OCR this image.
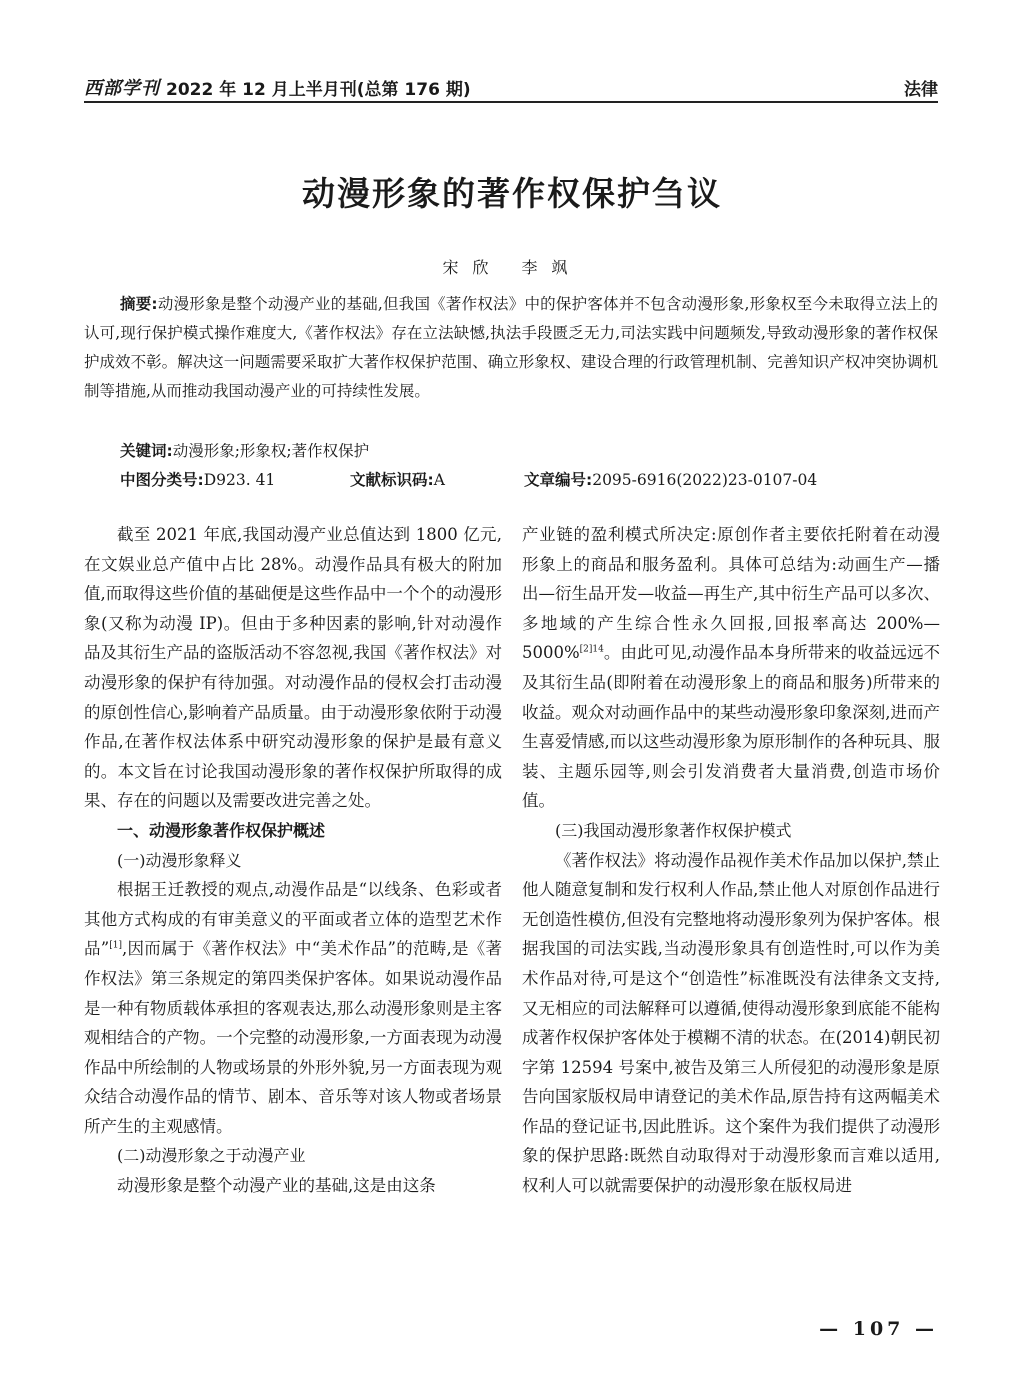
西部学刊 2022 年 12 月上半月刊(总第 176 期)	法律
动漫形象的著作权保护刍议
宋欣 李飒
摘要:动漫形象是整个动漫产业的基础,但我国《著作权法》中的保护客体并不包含动漫形象,形象权至今未取得立法上的认可,现行保护模式操作难度大,《著作权法》存在立法缺憾,执法手段匮乏无力,司法实践中问题频发,导致动漫形象的著作权保护成效不彰。解决这一问题需要采取扩大著作权保护范围、确立形象权、建设合理的行政管理机制、完善知识产权冲突协调机制等措施,从而推动我国动漫产业的可持续性发展。
关键词:动漫形象;形象权;著作权保护
中图分类号:D923. 41	文献标识码:A	文章编号:2095-6916(2022)23-0107-04

截至 2021 年底,我国动漫产业总值达到 1800 亿元,在文娱业总产值中占比 28%。动漫作品具有极大的附加值,而取得这些价值的基础便是这些作品中一个个的动漫形象(又称为动漫 IP)。但由于多种因素的影响,针对动漫作品及其衍生产品的盗版活动不容忽视,我国《著作权法》对动漫形象的保护有待加强。对动漫作品的侵权会打击动漫的原创性信心,影响着产品质量。由于动漫形象依附于动漫作品,在著作权法体系中研究动漫形象的保护是最有意义的。本文旨在讨论我国动漫形象的著作权保护所取得的成果、存在的问题以及需要改进完善之处。

一、动漫形象著作权保护概述
(一)动漫形象释义

根据王迁教授的观点,动漫作品是“以线条、色彩或者其他方式构成的有审美意义的平面或者立体的造型艺术作品”[1],因而属于《著作权法》中“美术作品”的范畴,是《著作权法》第三条规定的第四类保护客体。如果说动漫作品是一种有物质载体承担的客观表达,那么动漫形象则是主客观相结合的产物。一个完整的动漫形象,一方面表现为动漫作品中所绘制的人物或场景的外形外貌,另一方面表现为观众结合动漫作品的情节、剧本、音乐等对该人物或者场景所产生的主观感情。

(二)动漫形象之于动漫产业

动漫形象是整个动漫产业的基础,这是由这条

产业链的盈利模式所决定:原创作者主要依托附着在动漫形象上的商品和服务盈利。具体可总结为:动画生产—播出—衍生品开发—收益—再生产,其中衍生产品可以多次、多地域的产生综合性永久回报,回报率高达 200%—5000%$^{[2]14}$。由此可见,动漫作品本身所带来的收益远远不及其衍生品(即附着在动漫形象上的商品和服务)所带来的收益。观众对动画作品中的某些动漫形象印象深刻,进而产生喜爱情感,而以这些动漫形象为原形制作的各种玩具、服装、主题乐园等,则会引发消费者大量消费,创造市场价值。

(三)我国动漫形象著作权保护模式

《著作权法》将动漫作品视作美术作品加以保护,禁止他人随意复制和发行权利人作品,禁止他人对原创作品进行无创造性模仿,但没有完整地将动漫形象列为保护客体。根据我国的司法实践,当动漫形象具有创造性时,可以作为美术作品对待,可是这个“创造性”标准既没有法律条文支持,又无相应的司法解释可以遵循,使得动漫形象到底能不能构成著作权保护客体处于模糊不清的状态。在(2014)朝民初字第 12594 号案中,被告及第三人所侵犯的动漫形象是原告向国家版权局申请登记的美术作品,原告持有这两幅美术作品的登记证书,因此胜诉。这个案件为我们提供了动漫形象的保护思路:既然自动取得对于动漫形象而言难以适用,权利人可以就需要保护的动漫形象在版权局进

— 107 —
